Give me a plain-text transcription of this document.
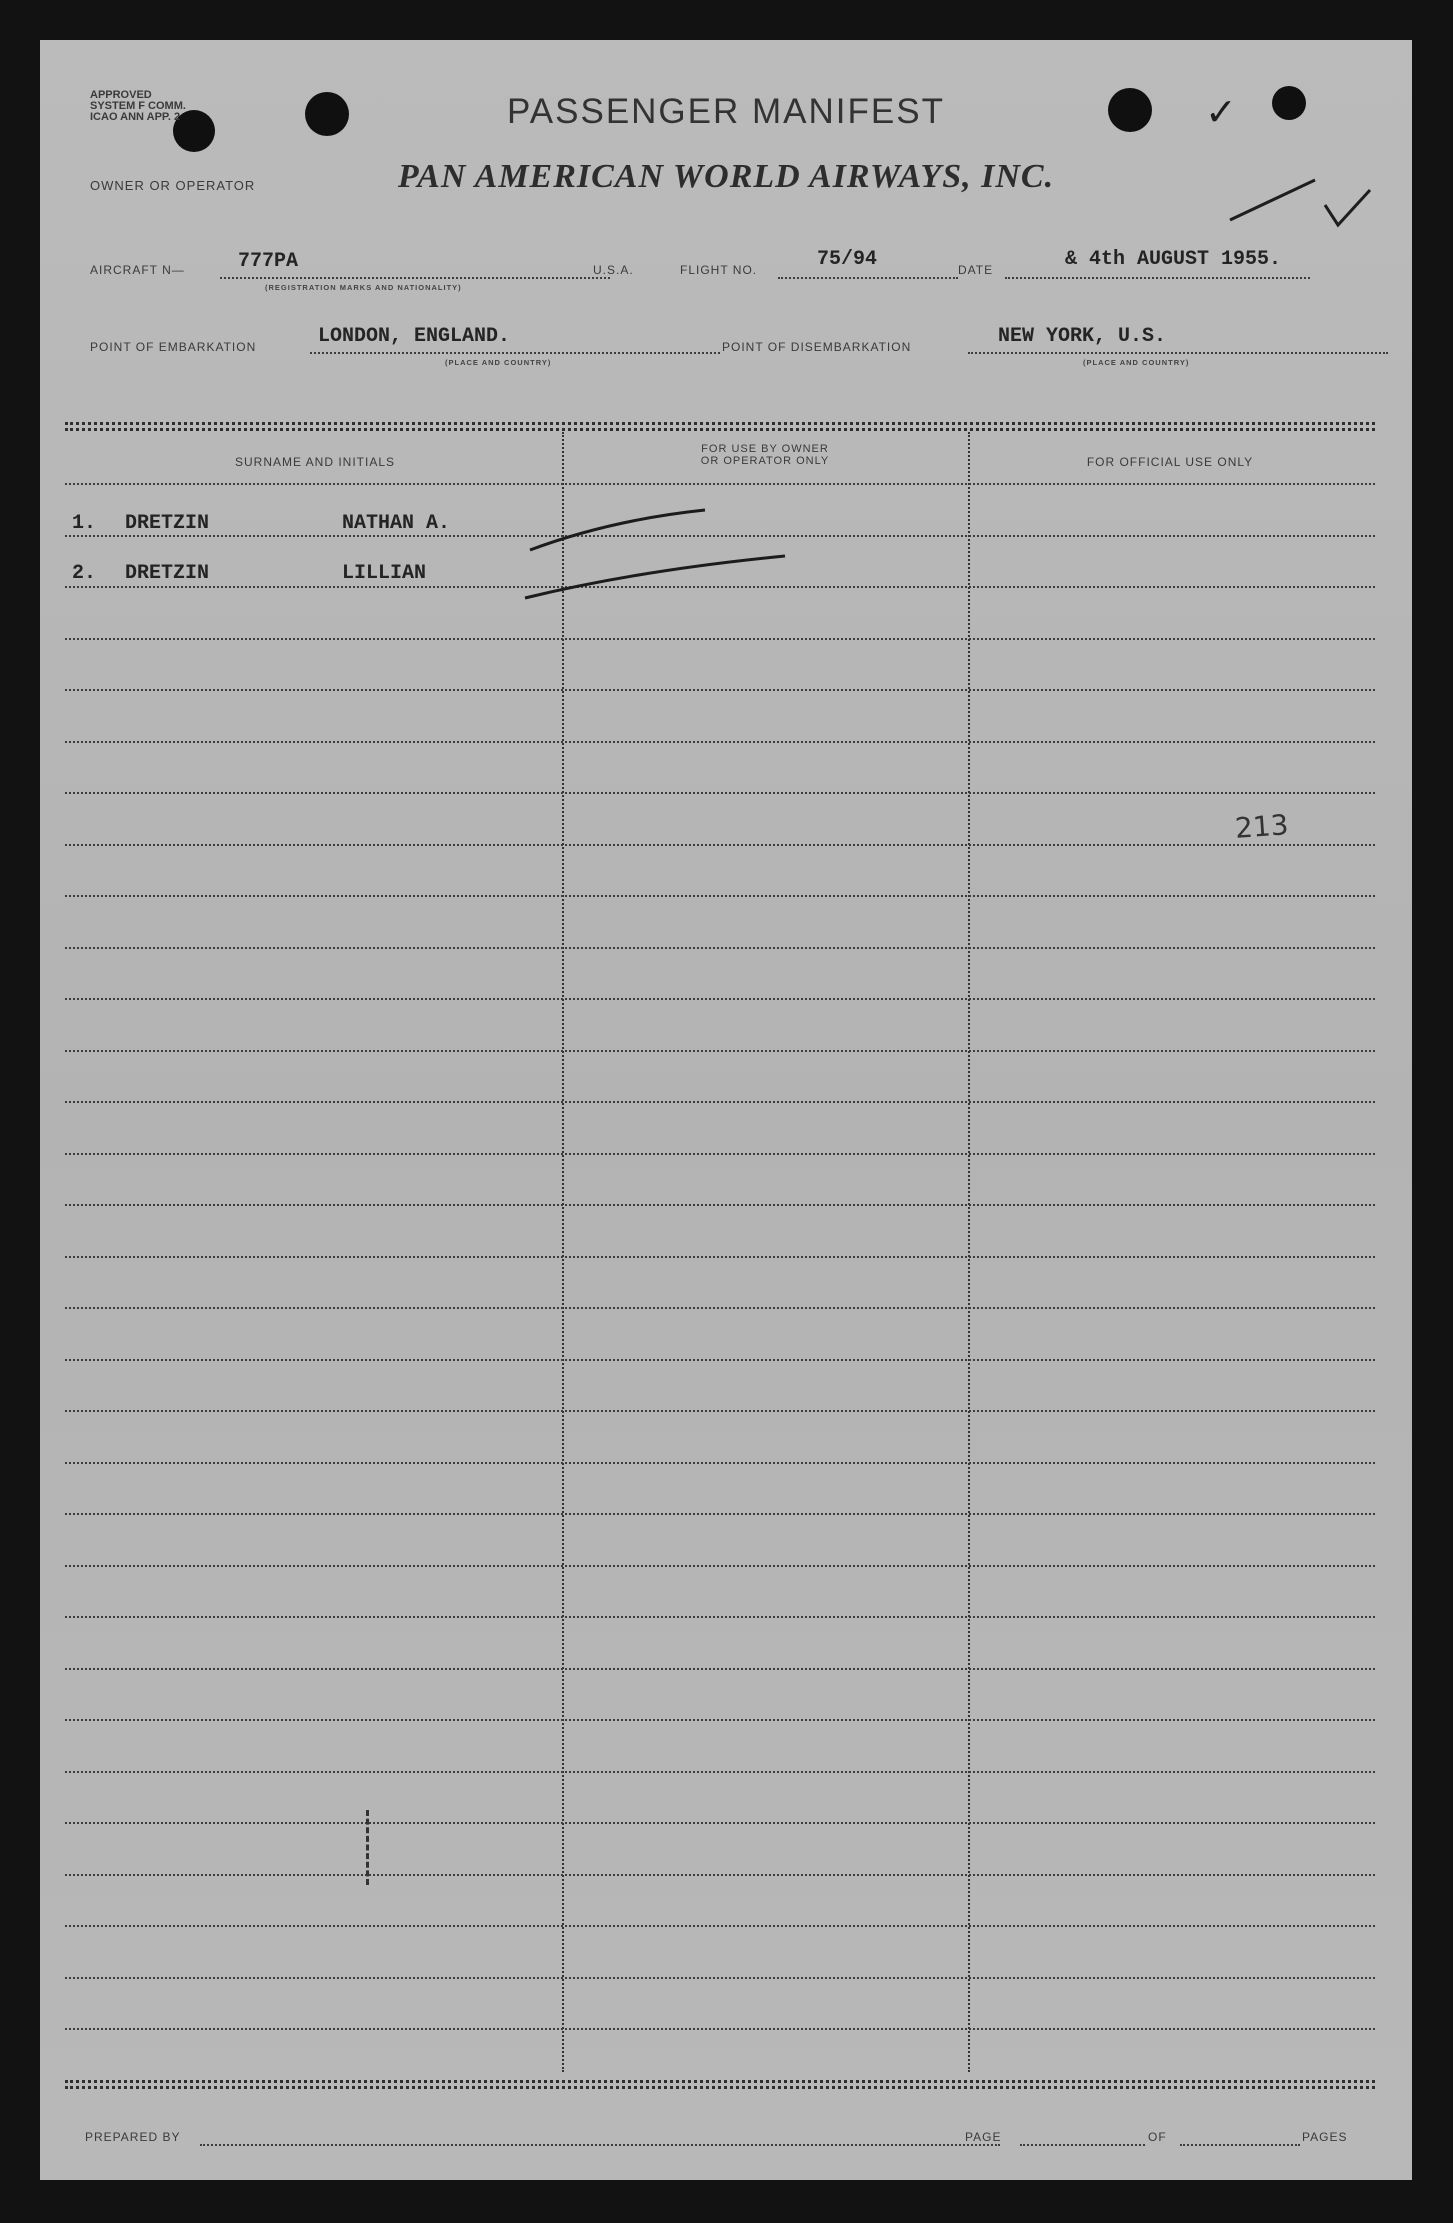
APPROVED
SYSTEM F COMM.
ICAO ANN APP. 2	PASSENGER MANIFEST
OWNER OR OPERATOR	PAN AMERICAN WORLD AIRWAYS, INC.
✓
AIRCRAFT N—	777PA
(REGISTRATION MARKS AND NATIONALITY)
U.S.A.	FLIGHT NO.	75/94	DATE	& 4th AUGUST 1955.
POINT OF EMBARKATION	LONDON, ENGLAND.
(PLACE AND COUNTRY)
POINT OF DISEMBARKATION	NEW YORK, U.S.
(PLACE AND COUNTRY)
SURNAME AND INITIALS
FOR USE BY OWNER
OR OPERATOR ONLY	FOR OFFICIAL USE ONLY
1. DRETZIN	NATHAN A.
2. DRETZIN	LILLIAN
213
PREPARED BY	PAGE	OF	PAGES
